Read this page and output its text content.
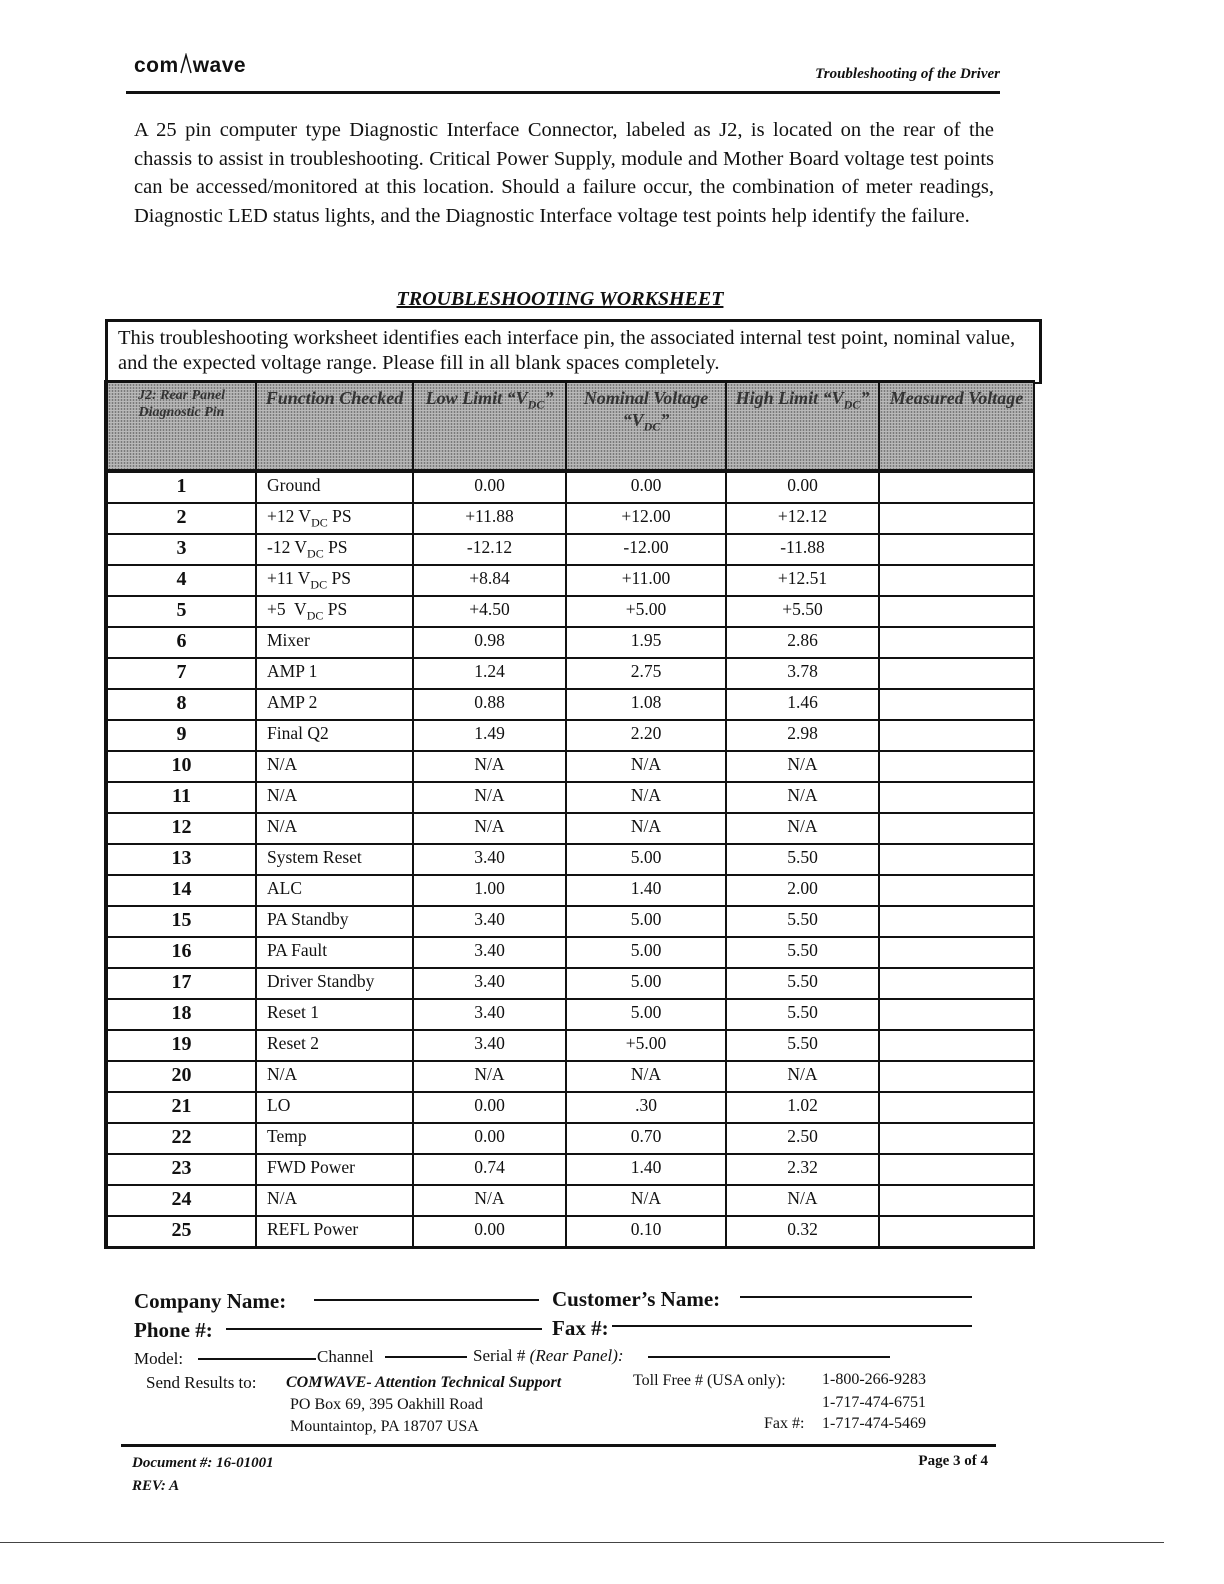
com wave	Troubleshooting of the Driver

A 25 pin computer type Diagnostic Interface Connector, labeled as J2, is located on the rear of the chassis to assist in troubleshooting. Critical Power Supply, module and Mother Board voltage test points can be accessed/monitored at this location. Should a failure occur, the combination of meter readings, Diagnostic LED status lights, and the Diagnostic Interface voltage test points help identify the failure.

TROUBLESHOOTING WORKSHEET
This troubleshooting worksheet identifies each interface pin, the associated internal test point, nominal value, and the expected voltage range. Please fill in all blank spaces completely.
J2: Rear Panel Diagnostic Pin	Function Checked	Low Limit “$V_{DC}$”	Nominal Voltage “$V_{DC}$”	High Limit “$V_{DC}$”	Measured Voltage
1	Ground	0.00	0.00	0.00	
2	+12 $V_{DC}$ PS	+11.88	+12.00	+12.12	
3	-12 $V_{DC}$ PS	-12.12	-12.00	-11.88	
4	+11 $V_{DC}$ PS	+8.84	+11.00	+12.51	
5	+5  $V_{DC}$ PS	+4.50	+5.00	+5.50	
6	Mixer	0.98	1.95	2.86	
7	AMP 1	1.24	2.75	3.78	
8	AMP 2	0.88	1.08	1.46	
9	Final Q2	1.49	2.20	2.98	
10	N/A	N/A	N/A	N/A	
11	N/A	N/A	N/A	N/A	
12	N/A	N/A	N/A	N/A	
13	System Reset	3.40	5.00	5.50	
14	ALC	1.00	1.40	2.00	
15	PA Standby	3.40	5.00	5.50	
16	PA Fault	3.40	5.00	5.50	
17	Driver Standby	3.40	5.00	5.50	
18	Reset 1	3.40	5.00	5.50	
19	Reset 2	3.40	+5.00	5.50	
20	N/A	N/A	N/A	N/A	
21	LO	0.00	.30	1.02	
22	Temp	0.00	0.70	2.50	
23	FWD Power	0.74	1.40	2.32	
24	N/A	N/A	N/A	N/A	
25	REFL Power	0.00	0.10	0.32	
Company Name:	Customer’s Name:
Phone #:	Fax #:
Model:	Channel	Serial # (Rear Panel):
Send Results to: COMWAVE- Attention Technical Support
PO Box 69, 395 Oakhill Road
Mountaintop, PA 18707 USA
Toll Free # (USA only): 1-800-266-9283
1-717-474-6751
Fax #: 1-717-474-5469
Document #: 16-01001
REV: A
Page 3 of 4
